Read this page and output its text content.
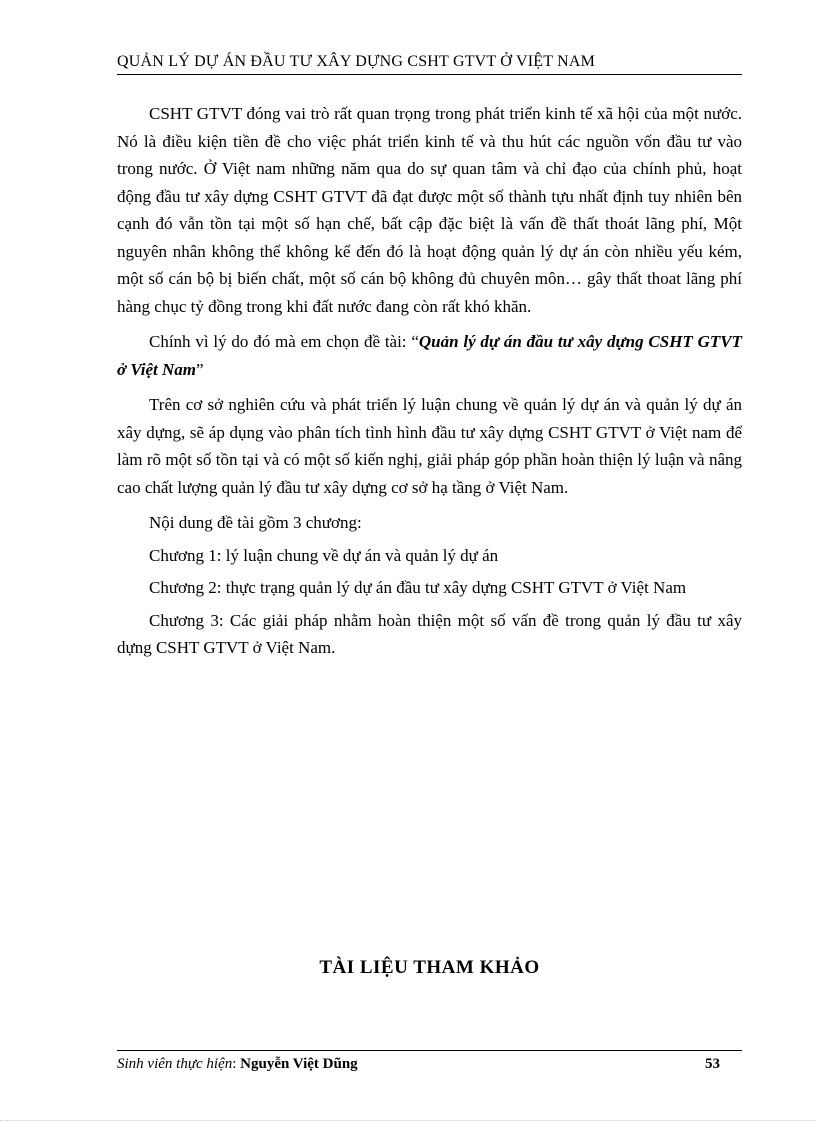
QUẢN LÝ DỰ ÁN ĐẦU TƯ XÂY DỰNG CSHT GTVT Ở VIỆT NAM

CSHT GTVT đóng vai trò rất quan trọng trong phát triển kinh tế xã hội của một nước. Nó là điều kiện tiền đề cho việc phát triển kinh tế và thu hút các nguồn vốn đầu tư vào trong nước. Ở Việt nam những năm qua do sự quan tâm và chỉ đạo của chính phủ, hoạt động đầu tư xây dựng CSHT GTVT đã đạt được một số thành tựu nhất định tuy nhiên bên cạnh đó vẫn tồn tại một số hạn chế, bất cập đặc biệt là vấn đề thất thoát lãng phí, Một nguyên nhân không thể không kể đến đó là hoạt động quản lý dự án còn nhiều yếu kém, một số cán bộ bị biến chất, một số cán bộ không đủ chuyên môn… gây thất thoat lãng phí hàng chục tỷ đồng trong khi đất nước đang còn rất khó khăn.

Chính vì lý do đó mà em chọn đề tài: “Quản lý dự án đầu tư xây dựng CSHT GTVT ở Việt Nam”

Trên cơ sở nghiên cứu và phát triển lý luận chung về quản lý dự án và quản lý dự án xây dựng, sẽ áp dụng vào phân tích tình hình đầu tư xây dựng CSHT GTVT ở Việt nam để làm rõ một số tồn tại và có một số kiến nghị, giải pháp góp phần hoàn thiện lý luận và nâng cao chất lượng quản lý đầu tư xây dựng cơ sở hạ tầng ở Việt Nam.

Nội dung đề tài gồm 3 chương:

Chương 1: lý luận chung về dự án và quản lý dự án

Chương 2: thực trạng quản lý dự án đầu tư xây dựng CSHT GTVT ở Việt Nam

Chương 3: Các giải pháp nhằm hoàn thiện một số vấn đề trong quản lý đầu tư xây dựng CSHT GTVT ở Việt Nam.

TÀI LIỆU THAM KHẢO
Sinh viên thực hiện: Nguyễn Việt Dũng	53
